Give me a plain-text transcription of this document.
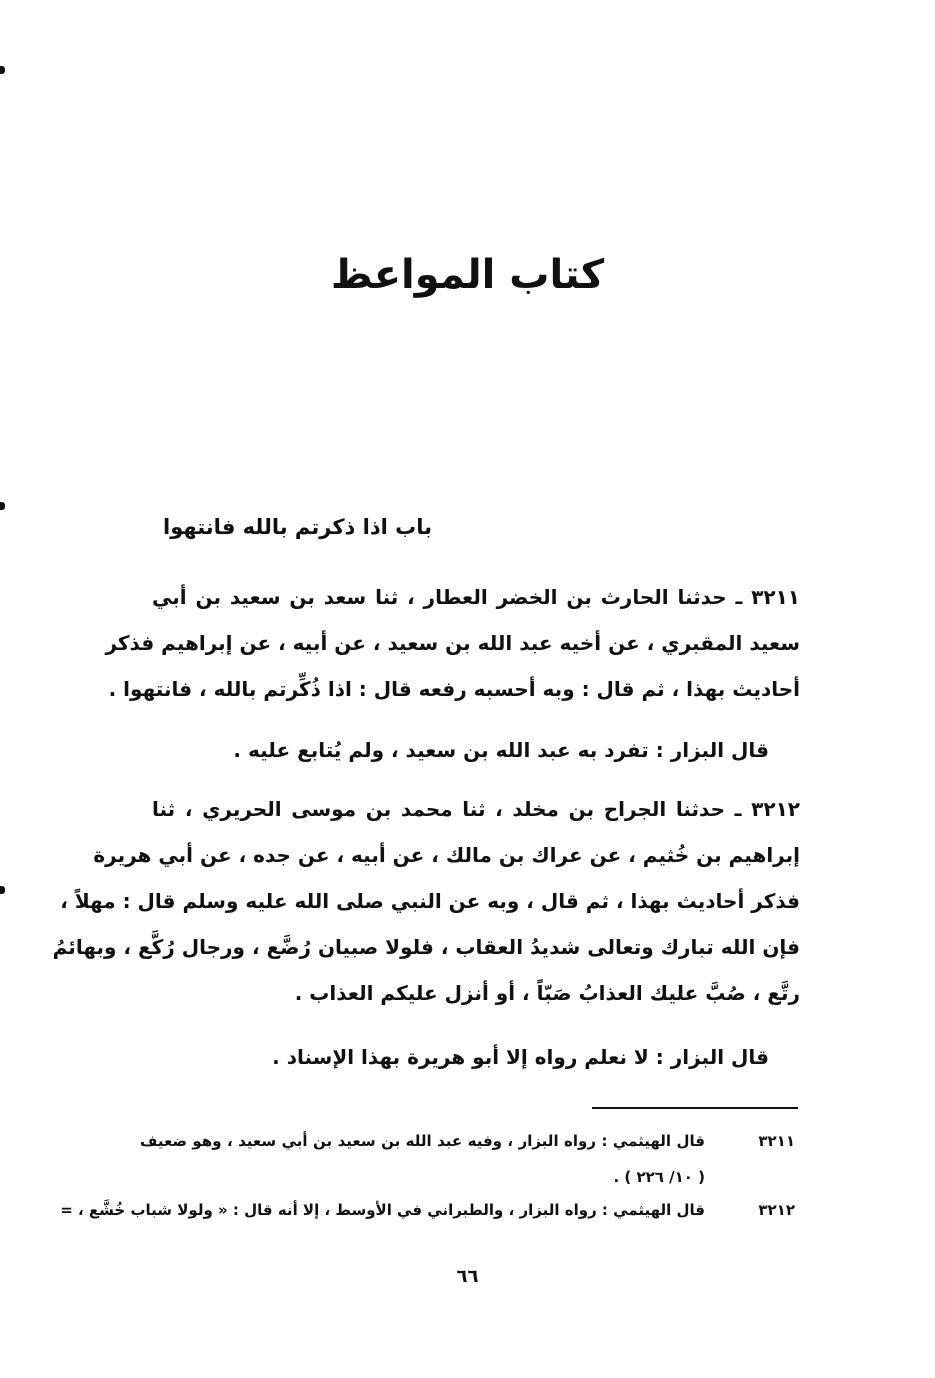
كتاب المواعظ
باب اذا ذكرتم بالله فانتهوا
٣٢١١ ـ حدثنا الحارث بن الخضر العطار ، ثنا سعد بن سعيد بن أبي
سعيد المقبري ، عن أخيه عبد الله بن سعيد ، عن أبيه ، عن إبراهيم فذكر
أحاديث بهذا ، ثم قال : وبه أحسبه رفعه قال : اذا ذُكِّرتم بالله ، فانتهوا .
قال البزار : تفرد به عبد الله بن سعيد ، ولم يُتابع عليه .
٣٢١٢ ـ حدثنا الجراح بن مخلد ، ثنا محمد بن موسى الحريري ، ثنا
إبراهيم بن خُثيم ، عن عراك بن مالك ، عن أبيه ، عن جده ، عن أبي هريرة
فذكر أحاديث بهذا ، ثم قال ، وبه عن النبي صلى الله عليه وسلم قال : مهلاً ،
فإن الله تبارك وتعالى شديدُ العقاب ، فلولا صبيان رُضَّع ، ورجال رُكَّع ، وبهائمُ
رتَّع ، صُبَّ عليك العذابُ صَبّاً ، أو أنزل عليكم العذاب .
قال البزار : لا نعلم رواه إلا أبو هريرة بهذا الإسناد .
٣٢١١
قال الهيثمي : رواه البزار ، وفيه عبد الله بن سعيد بن أبي سعيد ، وهو ضعيف
( ١٠/ ٢٢٦ ) .
٣٢١٢
قال الهيثمي : رواه البزار ، والطبراني في الأوسط ، إلا أنه قال : « ولولا شباب خُشَّع ، =
٦٦
